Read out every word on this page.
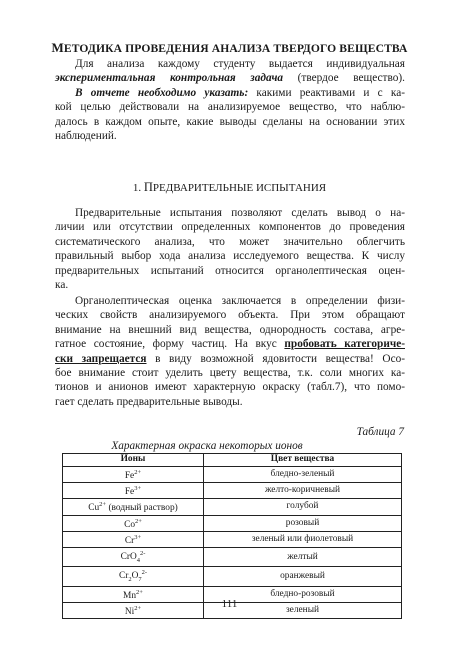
МЕТОДИКА ПРОВЕДЕНИЯ АНАЛИЗА ТВЕРДОГО ВЕЩЕСТВА
Для анализа каждому студенту выдается индивидуальная
экспериментальная контрольная задача (твердое вещество).
В отчете необходимо указать: какими реактивами и с ка-
кой целью действовали на анализируемое вещество, что наблю-
далось в каждом опыте, какие выводы сделаны на основании этих
наблюдений.
1. ПРЕДВАРИТЕЛЬНЫЕ ИСПЫТАНИЯ
Предварительные испытания позволяют сделать вывод о на-
личии или отсутствии определенных компонентов до проведения
систематического анализа, что может значительно облегчить
правильный выбор хода анализа исследуемого вещества. К числу
предварительных испытаний относится органолептическая оцен-
ка.
Органолептическая оценка заключается в определении физи-
ческих свойств анализируемого объекта. При этом обращают
внимание на внешний вид вещества, однородность состава, агре-
гатное состояние, форму частиц. На вкус пробовать категориче-
ски запрещается в виду возможной ядовитости вещества! Осо-
бое внимание стоит уделить цвету вещества, т.к. соли многих ка-
тионов и анионов имеют характерную окраску (табл.7), что помо-
гает сделать предварительные выводы.
Таблица 7
Характерная окраска некоторых ионов
Ионы	Цвет вещества
$Fe^{2+}$	бледно-зеленый
$Fe^{3+}$	желто-коричневый
$Cu^{2+}$ (водный раствор)	голубой
$Co^{2+}$	розовый
$Cr^{3+}$	зеленый или фиолетовый
CrO$_4^{2-}$	желтый
$Cr_2O_7^{2-}$	оранжевый
$Mn^{2+}$	бледно-розовый
$Ni^{2+}$	зеленый
111
